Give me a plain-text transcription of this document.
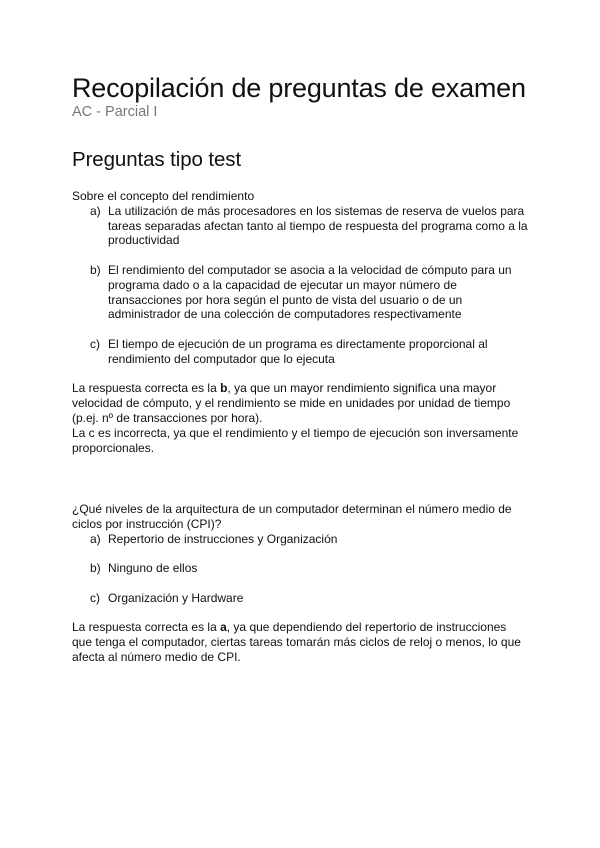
Recopilación de preguntas de examen

AC - Parcial I

Preguntas tipo test

Sobre el concepto del rendimiento

a) La utilización de más procesadores en los sistemas de reserva de vuelos para tareas separadas afectan tanto al tiempo de respuesta del programa como a la productividad
b) El rendimiento del computador se asocia a la velocidad de cómputo para un programa dado o a la capacidad de ejecutar un mayor número de transacciones por hora según el punto de vista del usuario o de un administrador de una colección de computadores respectivamente
c) El tiempo de ejecución de un programa es directamente proporcional al rendimiento del computador que lo ejecuta

La respuesta correcta es la b, ya que un mayor rendimiento significa una mayor velocidad de cómputo, y el rendimiento se mide en unidades por unidad de tiempo (p.ej. nº de transacciones por hora).

La c es incorrecta, ya que el rendimiento y el tiempo de ejecución son inversamente proporcionales.

¿Qué niveles de la arquitectura de un computador determinan el número medio de ciclos por instrucción (CPI)?

a) Repertorio de instrucciones y Organización
b) Ninguno de ellos
c) Organización y Hardware

La respuesta correcta es la a, ya que dependiendo del repertorio de instrucciones que tenga el computador, ciertas tareas tomarán más ciclos de reloj o menos, lo que afecta al número medio de CPI.
